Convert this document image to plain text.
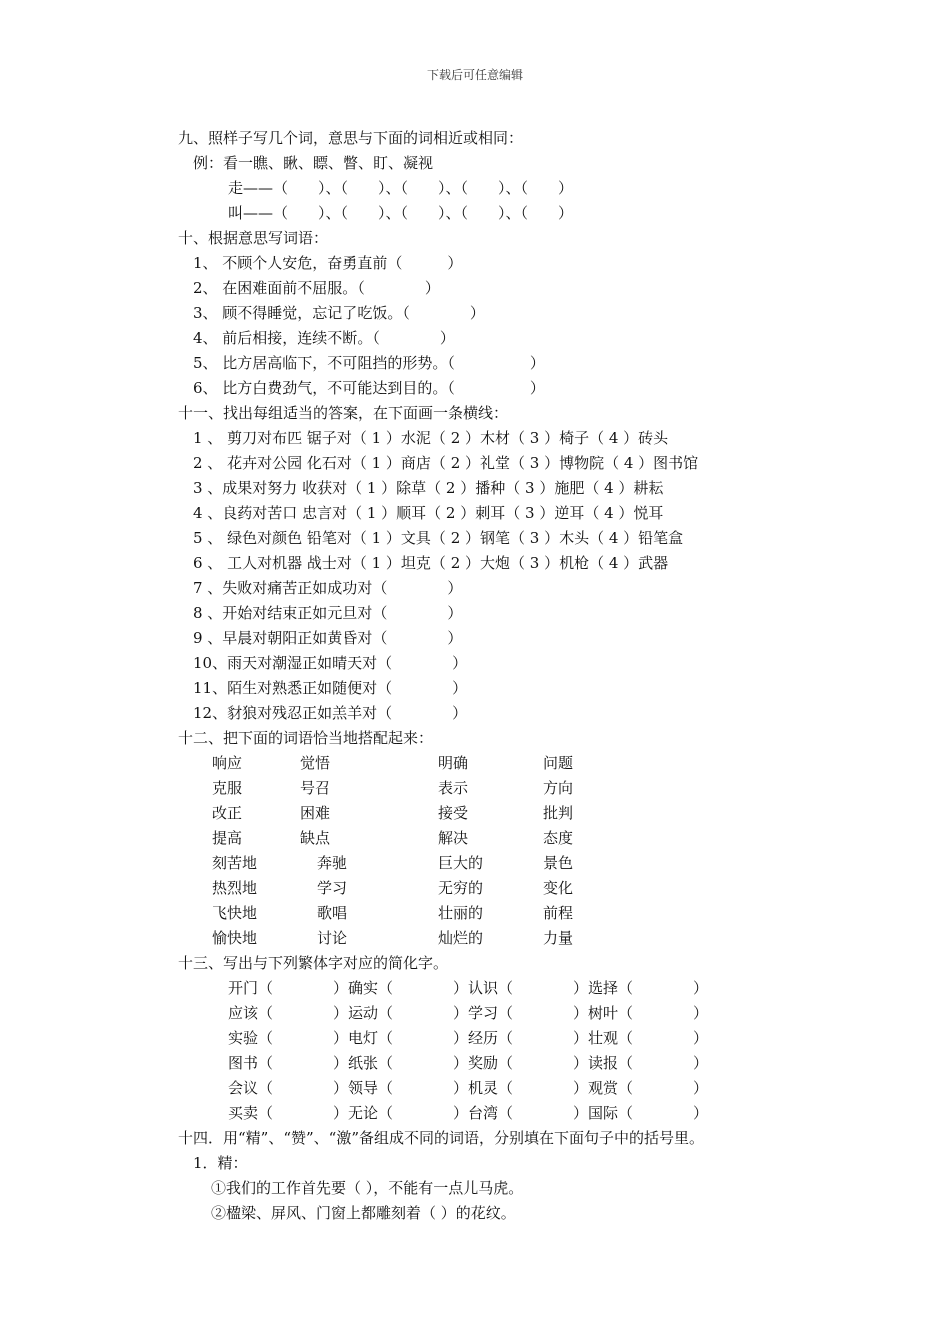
下载后可任意编辑
九、照样子写几个词，意思与下面的词相近或相同：
例：看一瞧、瞅、瞟、瞥、盯、凝视
走——（　　）、（　　）、（　　）、（　　）、（　　）
叫——（　　）、（　　）、（　　）、（　　）、（　　）
十、根据意思写词语：
1、 不顾个人安危，奋勇直前（　　　）
2、 在困难面前不屈服。（　　　　）
3、 顾不得睡觉，忘记了吃饭。（　　　　）
4、 前后相接，连续不断。（　　　　）
5、 比方居高临下，不可阻挡的形势。（　　　　　）
6、 比方白费劲气，不可能达到目的。（　　　　　）
十一、找出每组适当的答案，在下面画一条横线：
1 、 剪刀对布匹 锯子对（ 1 ）水泥（ 2 ）木材（ 3 ）椅子（ 4 ）砖头
2 、 花卉对公园 化石对（ 1 ）商店（ 2 ）礼堂（ 3 ）博物院（ 4 ）图书馆
3 、成果对努力 收获对（ 1 ）除草（ 2 ）播种（ 3 ）施肥（ 4 ）耕耘
4 、良药对苦口 忠言对（ 1 ）顺耳（ 2 ）刺耳（ 3 ）逆耳（ 4 ）悦耳
5 、 绿色对颜色 铅笔对（ 1 ）文具（ 2 ）钢笔（ 3 ）木头（ 4 ）铅笔盒
6 、 工人对机器 战士对（ 1 ）坦克（ 2 ）大炮（ 3 ）机枪（ 4 ）武器
7 、失败对痛苦正如成功对（　　　　）
8 、开始对结束正如元旦对（　　　　）
9 、早晨对朝阳正如黄昏对（　　　　）
10、雨天对潮湿正如晴天对（　　　　）
11、陌生对熟悉正如随便对（　　　　）
12、豺狼对残忍正如羔羊对（　　　　）
十二、把下面的词语恰当地搭配起来：
响应	觉悟	明确	问题
克服	号召	表示	方向
改正	困难	接受	批判
提高	缺点	解决	态度
刻苦地	奔驰	巨大的	景色
热烈地	学习	无穷的	变化
飞快地	歌唱	壮丽的	前程
愉快地	讨论	灿烂的	力量
十三、写出与下列繁体字对应的简化字。
开门（　　　　）确实（　　　　）认识（　　　　）选择（　　　　）
应该（　　　　）运动（　　　　）学习（　　　　）树叶（　　　　）
实验（　　　　）电灯（　　　　）经历（　　　　）壮观（　　　　）
图书（　　　　）纸张（　　　　）奖励（　　　　）读报（　　　　）
会议（　　　　）领导（　　　　）机灵（　　　　）观赏（　　　　）
买卖（　　　　）无论（　　　　）台湾（　　　　）国际（　　　　）
十四．用“精”、“赞”、“激”备组成不同的词语，分别填在下面句子中的括号里。
1．精：
①我们的工作首先要（ ），不能有一点儿马虎。
②楹梁、屏风、门窗上都雕刻着（ ）的花纹。
